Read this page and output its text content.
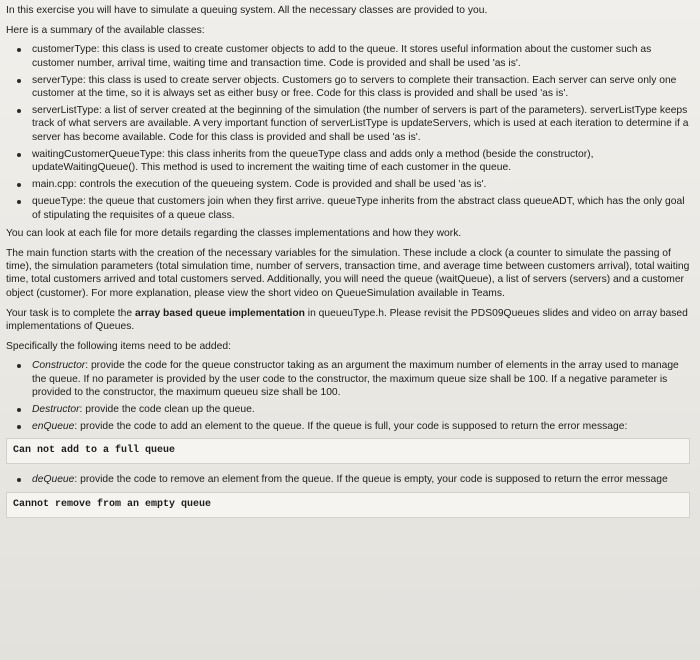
In this exercise you will have to simulate a queuing system. All the necessary classes are provided to you.

Here is a summary of the available classes:

customerType: this class is used to create customer objects to add to the queue. It stores useful information about the customer such as customer number, arrival time, waiting time and transaction time. Code is provided and shall be used 'as is'.
serverType: this class is used to create server objects. Customers go to servers to complete their transaction. Each server can serve only one customer at the time, so it is always set as either busy or free. Code for this class is provided and shall be used 'as is'.
serverListType: a list of server created at the beginning of the simulation (the number of servers is part of the parameters). serverListType keeps track of what servers are available. A very important function of serverListType is updateServers, which is used at each iteration to determine if a server has become available. Code for this class is provided and shall be used 'as is'.
waitingCustomerQueueType: this class inherits from the queueType class and adds only a method (beside the constructor), updateWaitingQueue(). This method is used to increment the waiting time of each customer in the queue.
main.cpp: controls the execution of the queueing system. Code is provided and shall be used 'as is'.
queueType: the queue that customers join when they first arrive. queueType inherits from the abstract class queueADT, which has the only goal of stipulating the requisites of a queue class.

You can look at each file for more details regarding the classes implementations and how they work.

The main function starts with the creation of the necessary variables for the simulation. These include a clock (a counter to simulate the passing of time), the simulation parameters (total simulation time, number of servers, transaction time, and average time between customers arrival), total waiting time, total customers arrived and total customers served. Additionally, you will need the queue (waitQueue), a list of servers (servers) and a customer object (customer). For more explanation, please view the short video on QueueSimulation available in Teams.

Your task is to complete the array based queue implementation in queueuType.h. Please revisit the PDS09Queues slides and video on array based implementations of Queues.

Specifically the following items need to be added:

Constructor: provide the code for the queue constructor taking as an argument the maximum number of elements in the array used to manage the queue. If no parameter is provided by the user code to the constructor, the maximum queue size shall be 100. If a negative parameter is provided to the constructor, the maximum queueu size shall be 100.
Destructor: provide the code clean up the queue.
enQueue: provide the code to add an element to the queue. If the queue is full, your code is supposed to return the error message:
Can not add to a full queue
deQueue: provide the code to remove an element from the queue. If the queue is empty, your code is supposed to return the error message
Cannot remove from an empty queue
